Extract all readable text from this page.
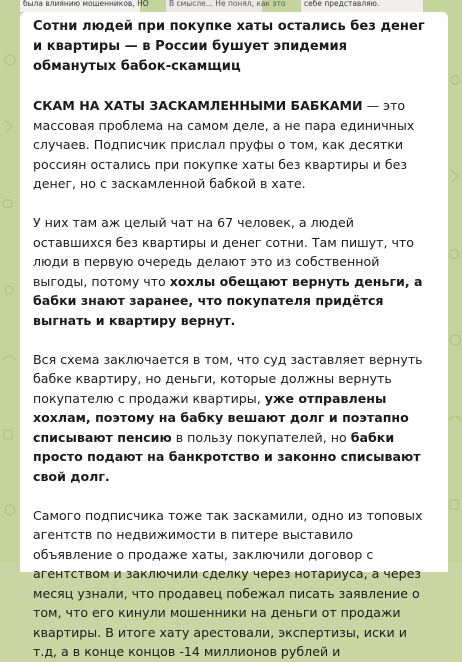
была влиянию мошенников, НО	В смысле... Не понял, как это	себе представляю.

Сотни людей при покупке хаты остались без денег и квартиры — в России бушует эпидемия обманутых бабок-скамщиц

СКАМ НА ХАТЫ ЗАСКАМЛЕННЫМИ БАБКАМИ — это массовая проблема на самом деле, а не пара единичных случаев. Подписчик прислал пруфы о том, как десятки россиян остались при покупке хаты без квартиры и без денег, но с заскамленной бабкой в хате.

У них там аж целый чат на 67 человек, а людей оставшихся без квартиры и денег сотни. Там пишут, что люди в первую очередь делают это из собственной выгоды, потому что хохлы обещают вернуть деньги, а бабки знают заранее, что покупателя придётся выгнать и квартиру вернут.

Вся схема заключается в том, что суд заставляет вернуть бабке квартиру, но деньги, которые должны вернуть покупателю с продажи квартиры, уже отправлены хохлам, поэтому на бабку вешают долг и поэтапно списывают пенсию в пользу покупателей, но бабки просто подают на банкротство и законно списывают свой долг.

Самого подписчика тоже так заскамили, одно из топовых агентств по недвижимости в питере выставило объявление о продаже хаты, заключили договор с агентством и заключили сделку через нотариуса, а через месяц узнали, что продавец побежал писать заявление о том, что его кинули мошенники на деньги от продажи квартиры. В итоге хату арестовали, экспертизы, иски и т.д, а в конце концов -14 миллионов рублей и
